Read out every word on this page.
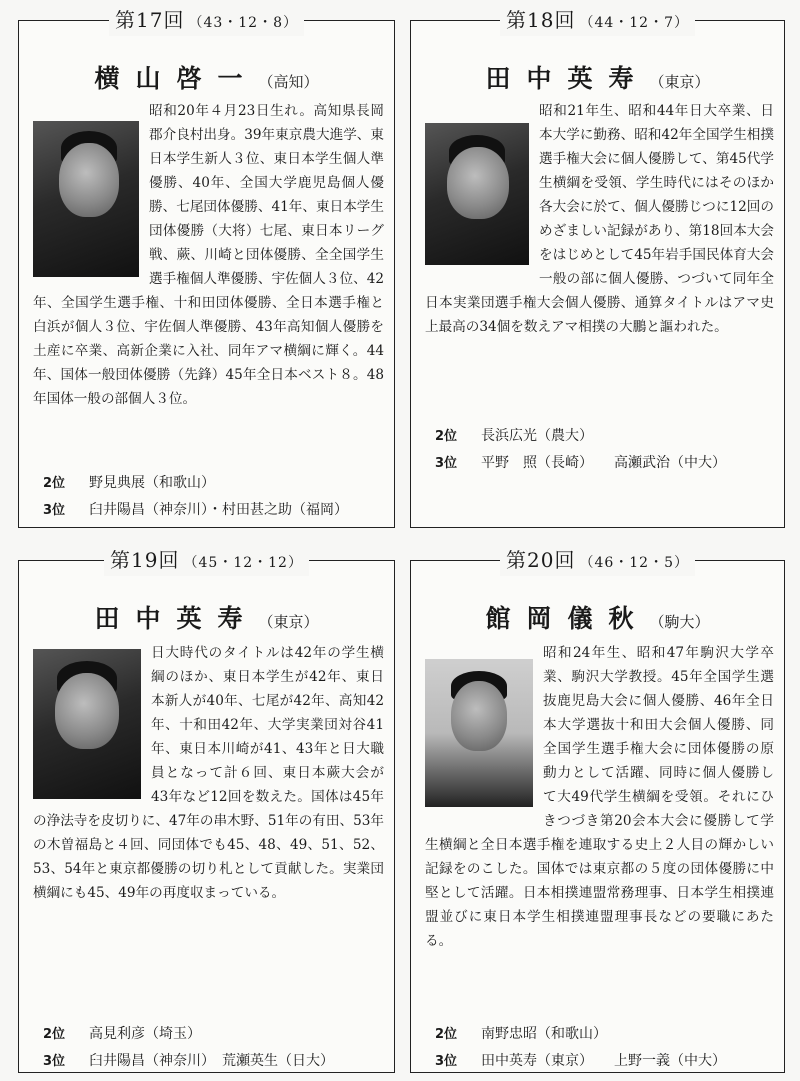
第17回 （43・12・8）
横山啓一（高知）
昭和20年４月23日生れ。高知県長岡郡介良村出身。39年東京農大進学、東日本学生新人３位、東日本学生個人準優勝、40年、全国大学鹿児島個人優勝、七尾団体優勝、41年、東日本学生団体優勝（大将）七尾、東日本リーグ戦、蕨、川崎と団体優勝、全全国学生選手権個人準優勝、宇佐個人３位、42年、全国学生選手権、十和田団体優勝、全日本選手権と白浜が個人３位、宇佐個人準優勝、43年高知個人優勝を土産に卒業、高新企業に入社、同年アマ横綱に輝く。44年、国体一般団体優勝（先鋒）45年全日本ベスト８。48年国体一般の部個人３位。
2位 野見典展（和歌山）
3位 臼井陽昌（神奈川）・村田甚之助（福岡）
第18回 （44・12・7）
田中英寿（東京）
昭和21年生、昭和44年日大卒業、日本大学に勤務、昭和42年全国学生相撲選手権大会に個人優勝して、第45代学生横綱を受領、学生時代にはそのほか各大会に於て、個人優勝じつに12回のめざましい記録があり、第18回本大会をはじめとして45年岩手国民体育大会一般の部に個人優勝、つづいて同年全日本実業団選手権大会個人優勝、通算タイトルはアマ史上最高の34個を数えアマ相撲の大鵬と謳われた。
2位 長浜広光（農大）
3位 平野　照（長崎）　　高瀬武治（中大）
第19回 （45・12・12）
田中英寿（東京）
日大時代のタイトルは42年の学生横綱のほか、東日本学生が42年、東日本新人が40年、七尾が42年、高知42年、十和田42年、大学実業団対谷41年、東日本川崎が41、43年と日大職員となって計６回、東日本蕨大会が43年など12回を数えた。国体は45年の浄法寺を皮切りに、47年の串木野、51年の有田、53年の木曽福島と４回、同団体でも45、48、49、51、52、53、54年と東京都優勝の切り札として貢献した。実業団横綱にも45、49年の再度収まっている。
2位 高見利彦（埼玉）
3位 臼井陽昌（神奈川）　荒瀬英生（日大）
第20回 （46・12・5）
館岡儀秋（駒大）
昭和24年生、昭和47年駒沢大学卒業、駒沢大学教授。45年全国学生選抜鹿児島大会に個人優勝、46年全日本大学選抜十和田大会個人優勝、同全国学生選手権大会に団体優勝の原動力として活躍、同時に個人優勝して大49代学生横綱を受領。それにひきつづき第20会本大会に優勝して学生横綱と全日本選手権を連取する史上２人目の輝かしい記録をのこした。国体では東京都の５度の団体優勝に中堅として活躍。日本相撲連盟常務理事、日本学生相撲連盟並びに東日本学生相撲連盟理事長などの要職にあたる。
2位 南野忠昭（和歌山）
3位 田中英寿（東京）　　上野一義（中大）
